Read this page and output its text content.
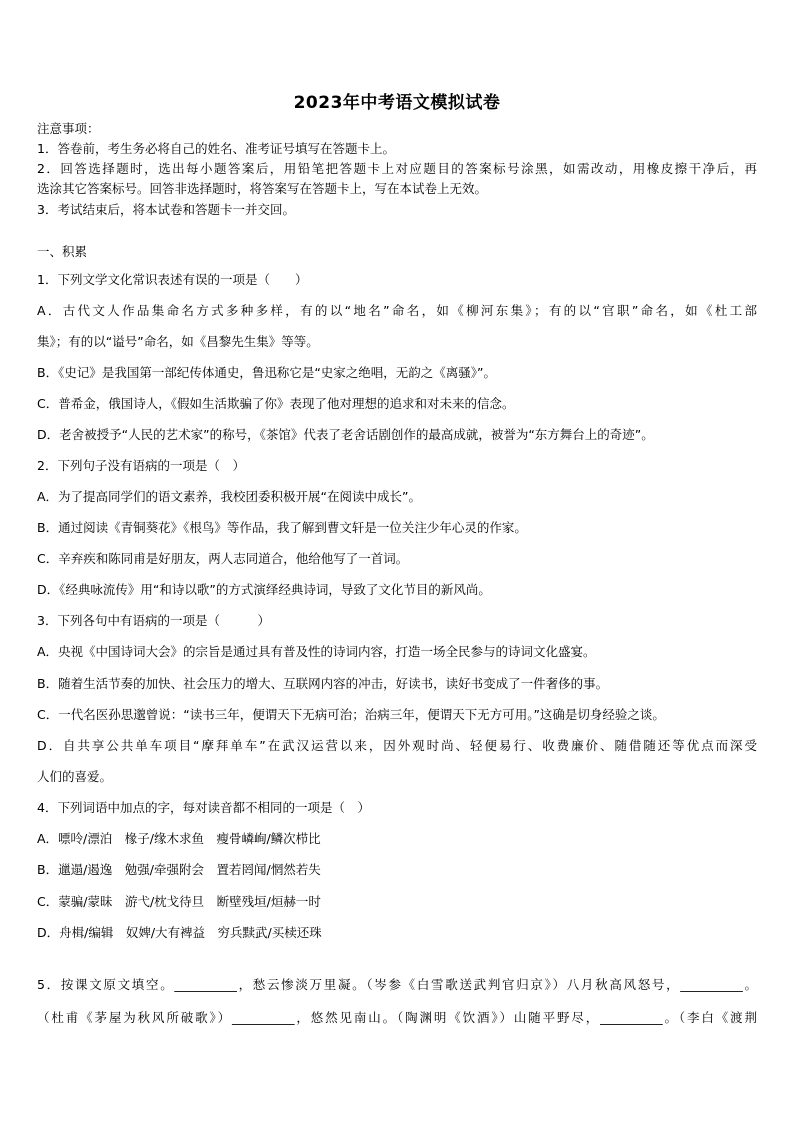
2023年中考语文模拟试卷
注意事项：
1．答卷前，考生务必将自己的姓名、准考证号填写在答题卡上。
2．回答选择题时，选出每小题答案后，用铅笔把答题卡上对应题目的答案标号涂黑，如需改动，用橡皮擦干净后，再
选涂其它答案标号。回答非选择题时，将答案写在答题卡上，写在本试卷上无效。
3．考试结束后，将本试卷和答题卡一并交回。
一、积累
1．下列文学文化常识表述有误的一项是（　　）
A．古代文人作品集命名方式多种多样，有的以“地名”命名，如《柳河东集》；有的以“官职”命名，如《杜工部
集》；有的以“谥号”命名，如《昌黎先生集》等等。
B．《史记》是我国第一部纪传体通史，鲁迅称它是“史家之绝唱，无韵之《离骚》”。
C．普希金，俄国诗人，《假如生活欺骗了你》表现了他对理想的追求和对未来的信念。
D．老舍被授予“人民的艺术家”的称号，《茶馆》代表了老舍话剧创作的最高成就，被誉为“东方舞台上的奇迹”。
2．下列句子没有语病的一项是（　）
A．为了提高同学们的语文素养，我校团委积极开展“在阅读中成长”。
B．通过阅读《青铜葵花》《根鸟》等作品，我了解到曹文轩是一位关注少年心灵的作家。
C．辛弃疾和陈同甫是好朋友，两人志同道合，他给他写了一首词。
D．《经典咏流传》用“和诗以歌”的方式演绎经典诗词，导致了文化节目的新风尚。
3．下列各句中有语病的一项是（　　　）
A．央视《中国诗词大会》的宗旨是通过具有普及性的诗词内容，打造一场全民参与的诗词文化盛宴。
B．随着生活节奏的加快、社会压力的增大、互联网内容的冲击，好读书，读好书变成了一件奢侈的事。
C．一代名医孙思邈曾说：“读书三年，便谓天下无病可治；治病三年，便谓天下无方可用。”这确是切身经验之谈。
D．自共享公共单车项目“摩拜单车”在武汉运营以来，因外观时尚、轻便易行、收费廉价、随借随还等优点而深受
人们的喜爱。
4．下列词语中加点的字，每对读音都不相同的一项是（　）
A．嘌呤/漂泊　椽子/缘木求鱼　瘦骨嶙峋/鳞次栉比
B．邋遢/遏逸　勉强/牵强附会　置若罔闻/惘然若失
C．蒙骗/蒙昧　游弋/枕戈待旦　断壁残垣/烜赫一时
D．舟楫/编辑　奴婢/大有裨益　穷兵黩武/买椟还珠
5．按课文原文填空。__________，愁云惨淡万里凝。（岑参《白雪歌送武判官归京》）八月秋高风怒号，__________。
（杜甫《茅屋为秋风所破歌》）__________，悠然见南山。（陶渊明《饮酒》）山随平野尽，__________。（李白《渡荆
